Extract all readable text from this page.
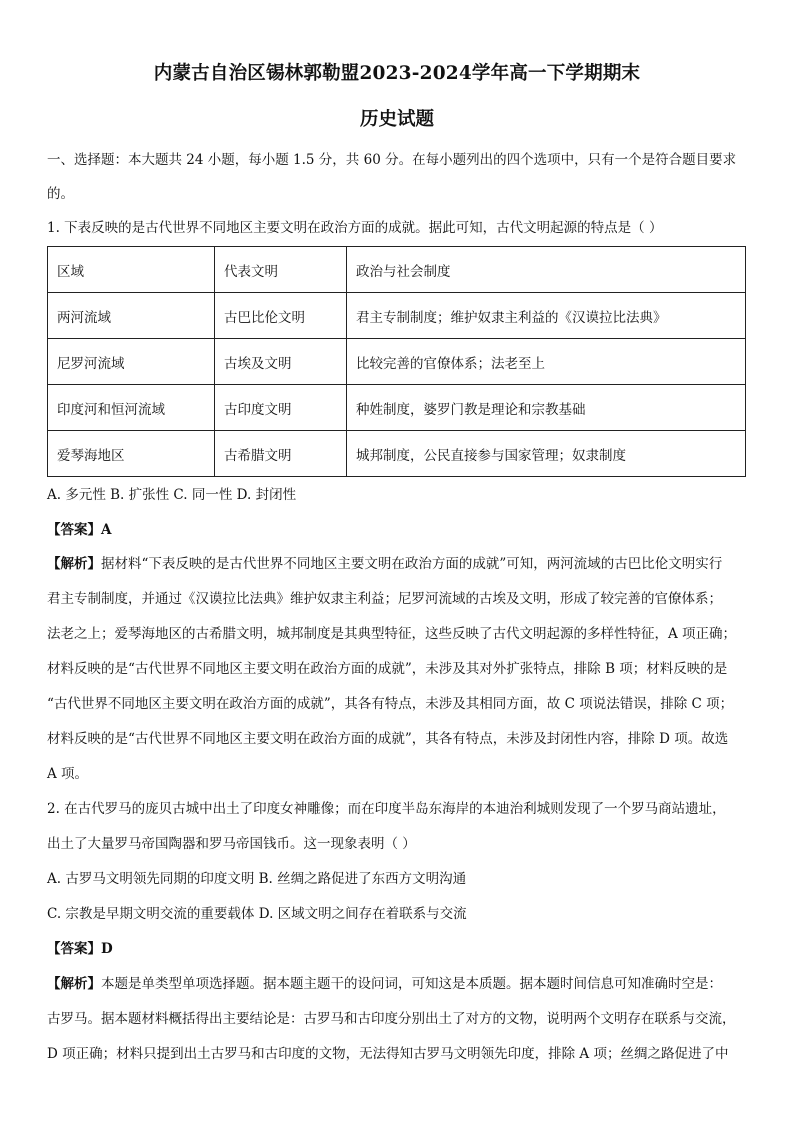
内蒙古自治区锡林郭勒盟2023-2024学年高一下学期期末
历史试题
一、选择题：本大题共 24 小题，每小题 1.5 分，共 60 分。在每小题列出的四个选项中，只有一个是符合题目要求
的。
1. 下表反映的是古代世界不同地区主要文明在政治方面的成就。据此可知，古代文明起源的特点是（ ）
区域	代表文明	政治与社会制度
两河流域	古巴比伦文明	君主专制制度；维护奴隶主利益的《汉谟拉比法典》
尼罗河流域	古埃及文明	比较完善的官僚体系；法老至上
印度河和恒河流域	古印度文明	种姓制度，婆罗门教是理论和宗教基础
爱琴海地区	古希腊文明	城邦制度，公民直接参与国家管理；奴隶制度
A. 多元性 B. 扩张性 C. 同一性 D. 封闭性
【答案】A
【解析】据材料“下表反映的是古代世界不同地区主要文明在政治方面的成就”可知，两河流域的古巴比伦文明实行
君主专制制度，并通过《汉谟拉比法典》维护奴隶主利益；尼罗河流域的古埃及文明，形成了较完善的官僚体系；
法老之上；爱琴海地区的古希腊文明，城邦制度是其典型特征，这些反映了古代文明起源的多样性特征，A 项正确；
材料反映的是“古代世界不同地区主要文明在政治方面的成就”，未涉及其对外扩张特点，排除 B 项；材料反映的是
“古代世界不同地区主要文明在政治方面的成就”，其各有特点，未涉及其相同方面，故 C 项说法错误，排除 C 项；
材料反映的是“古代世界不同地区主要文明在政治方面的成就”，其各有特点，未涉及封闭性内容，排除 D 项。故选
A 项。
2. 在古代罗马的庞贝古城中出土了印度女神雕像；而在印度半岛东海岸的本迪治利城则发现了一个罗马商站遗址，
出土了大量罗马帝国陶器和罗马帝国钱币。这一现象表明（ ）
A. 古罗马文明领先同期的印度文明 B. 丝绸之路促进了东西方文明沟通
C. 宗教是早期文明交流的重要载体 D. 区域文明之间存在着联系与交流
【答案】D
【解析】本题是单类型单项选择题。据本题主题干的设问词，可知这是本质题。据本题时间信息可知准确时空是：
古罗马。据本题材料概括得出主要结论是：古罗马和古印度分别出土了对方的文物，说明两个文明存在联系与交流，
D 项正确；材料只提到出土古罗马和古印度的文物，无法得知古罗马文明领先印度，排除 A 项；丝绸之路促进了中
